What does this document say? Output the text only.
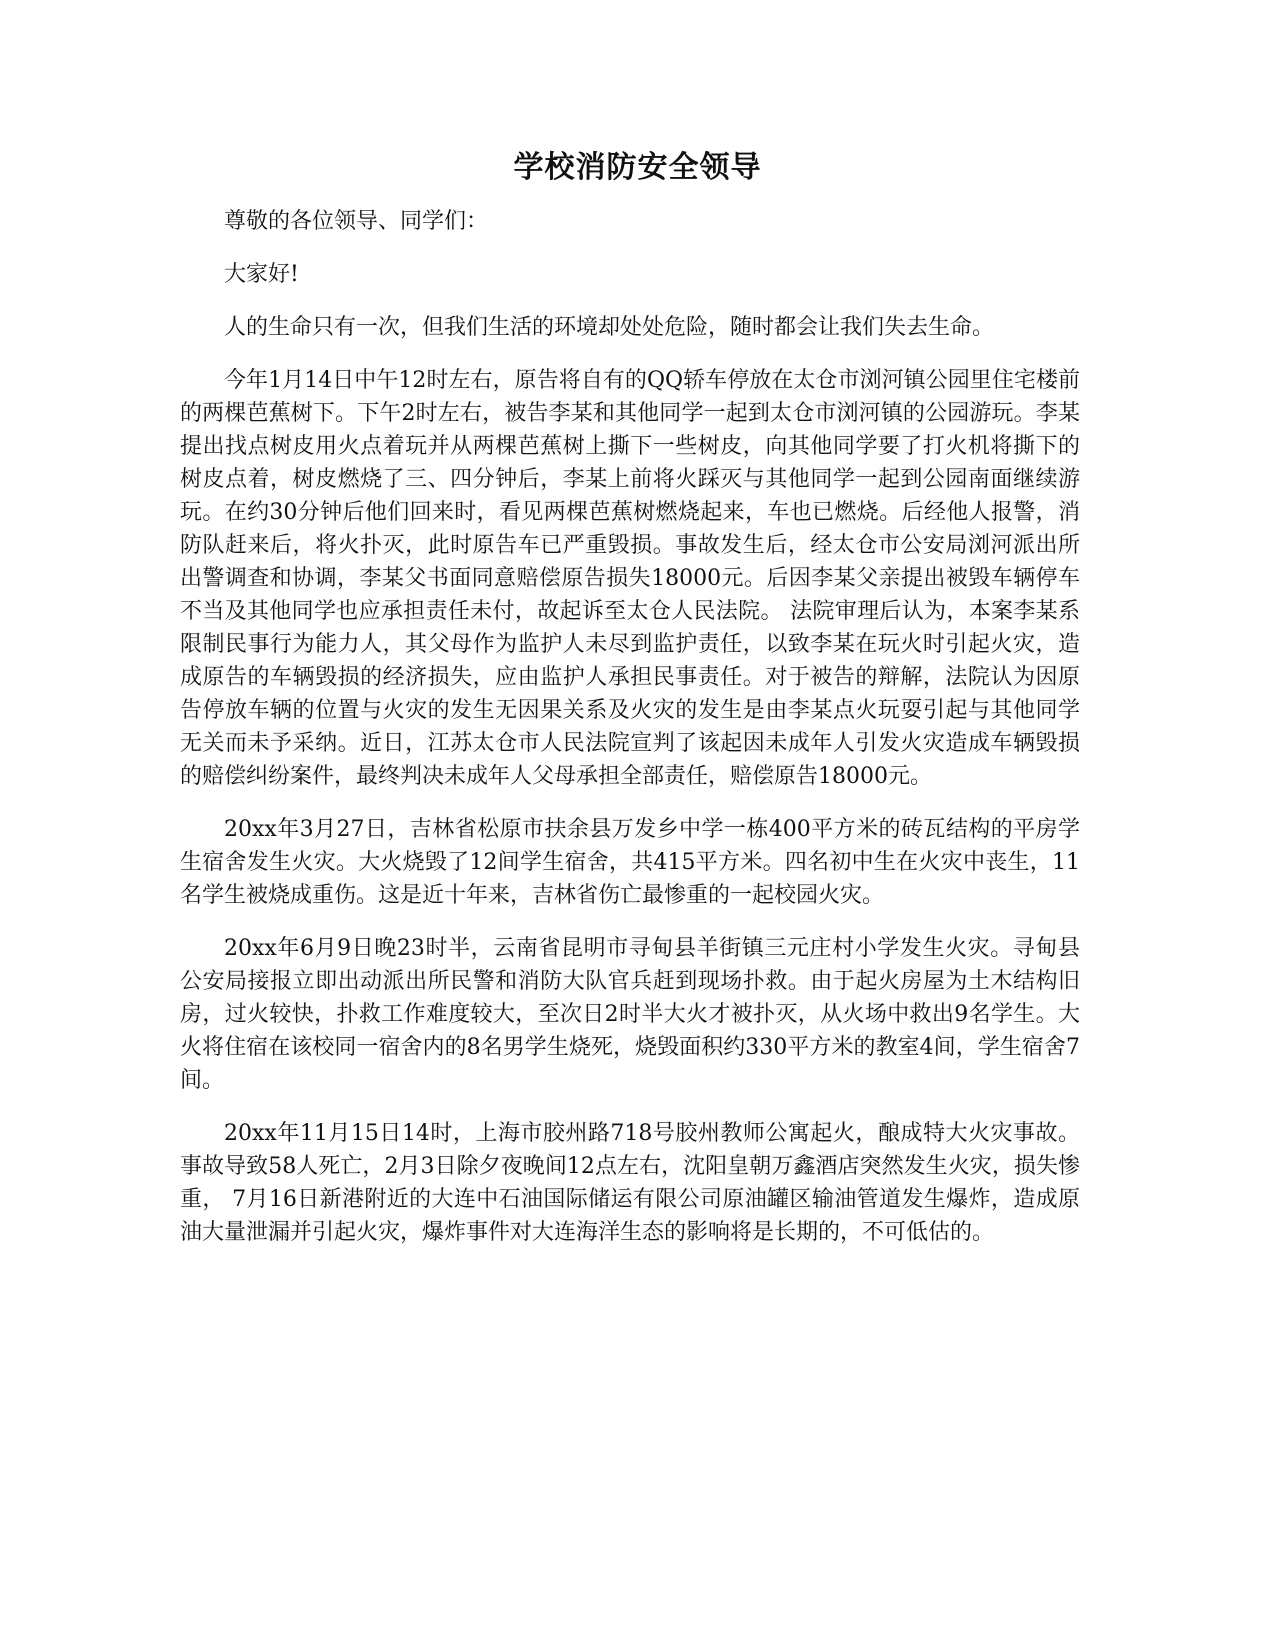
学校消防安全领导

尊敬的各位领导、同学们：

大家好!

人的生命只有一次，但我们生活的环境却处处危险，随时都会让我们失去生命。

今年1月14日中午12时左右，原告将自有的QQ轿车停放在太仓市浏河镇公园里住宅楼前的两棵芭蕉树下。下午2时左右，被告李某和其他同学一起到太仓市浏河镇的公园游玩。李某提出找点树皮用火点着玩并从两棵芭蕉树上撕下一些树皮，向其他同学要了打火机将撕下的树皮点着，树皮燃烧了三、四分钟后，李某上前将火踩灭与其他同学一起到公园南面继续游玩。在约30分钟后他们回来时，看见两棵芭蕉树燃烧起来，车也已燃烧。后经他人报警，消防队赶来后，将火扑灭，此时原告车已严重毁损。事故发生后，经太仓市公安局浏河派出所出警调查和协调，李某父书面同意赔偿原告损失18000元。后因李某父亲提出被毁车辆停车不当及其他同学也应承担责任未付，故起诉至太仓人民法院。 法院审理后认为，本案李某系限制民事行为能力人，其父母作为监护人未尽到监护责任，以致李某在玩火时引起火灾，造成原告的车辆毁损的经济损失，应由监护人承担民事责任。对于被告的辩解，法院认为因原告停放车辆的位置与火灾的发生无因果关系及火灾的发生是由李某点火玩耍引起与其他同学无关而未予采纳。近日，江苏太仓市人民法院宣判了该起因未成年人引发火灾造成车辆毁损的赔偿纠纷案件，最终判决未成年人父母承担全部责任，赔偿原告18000元。

20xx年3月27日，吉林省松原市扶余县万发乡中学一栋400平方米的砖瓦结构的平房学生宿舍发生火灾。大火烧毁了12间学生宿舍，共415平方米。四名初中生在火灾中丧生，11名学生被烧成重伤。这是近十年来，吉林省伤亡最惨重的一起校园火灾。

20xx年6月9日晚23时半，云南省昆明市寻甸县羊街镇三元庄村小学发生火灾。寻甸县公安局接报立即出动派出所民警和消防大队官兵赶到现场扑救。由于起火房屋为土木结构旧房，过火较快，扑救工作难度较大，至次日2时半大火才被扑灭，从火场中救出9名学生。大火将住宿在该校同一宿舍内的8名男学生烧死，烧毁面积约330平方米的教室4间，学生宿舍7间。

20xx年11月15日14时，上海市胶州路718号胶州教师公寓起火，酿成特大火灾事故。事故导致58人死亡，2月3日除夕夜晚间12点左右，沈阳皇朝万鑫酒店突然发生火灾，损失惨重， 7月16日新港附近的大连中石油国际储运有限公司原油罐区输油管道发生爆炸，造成原油大量泄漏并引起火灾，爆炸事件对大连海洋生态的影响将是长期的，不可低估的。
